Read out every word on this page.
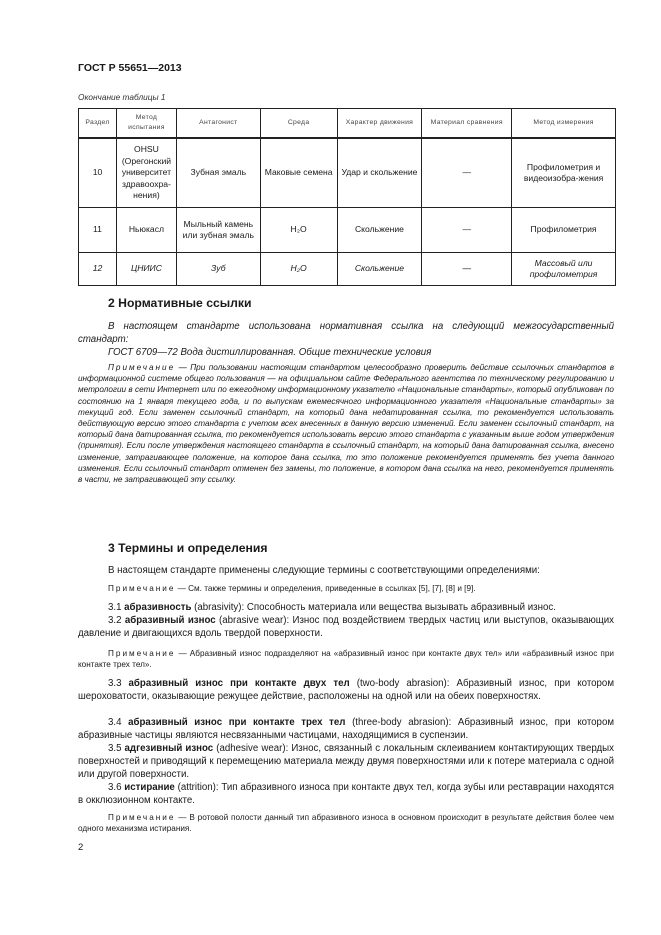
ГОСТ Р 55651—2013
Окончание таблицы 1
Раздел	Метод испытания	Антагонист	Среда	Характер движения	Материал сравнения	Метод измерения
10	OHSU (Орегонский университет здравоохра-нения)	Зубная эмаль	Маковые семена	Удар и скольжение	—	Профилометрия и видеоизобра-жения
11	Ньюкасл	Мыльный камень или зубная эмаль	H₂O	Скольжение	—	Профилометрия
12	ЦНИИС	Зуб	H₂O	Скольжение	—	Массовый или профилометрия
2 Нормативные ссылки
В настоящем стандарте использована нормативная ссылка на следующий межгосударственный стандарт:
ГОСТ 6709—72 Вода дистиллированная. Общие технические условия
Примечание — При пользовании настоящим стандартом целесообразно проверить действие ссылочных стандартов в информационной системе общего пользования — на официальном сайте Федерального агентства по техническому регулированию и метрологии в сети Интернет или по ежегодному информационному указателю «Национальные стандарты», который опубликован по состоянию на 1 января текущего года, и по выпускам ежемесячного информационного указателя «Национальные стандарты» за текущий год. Если заменен ссылочный стандарт, на который дана недатированная ссылка, то рекомендуется использовать действующую версию этого стандарта с учетом всех внесенных в данную версию изменений. Если заменен ссылочный стандарт, на который дана датированная ссылка, то рекомендуется использовать версию этого стандарта с указанным выше годом утверждения (принятия). Если после утверждения настоящего стандарта в ссылочный стандарт, на который дана датированная ссылка, внесено изменение, затрагивающее положение, на которое дана ссылка, то это положение рекомендуется применять без учета данного изменения. Если ссылочный стандарт отменен без замены, то положение, в котором дана ссылка на него, рекомендуется применять в части, не затрагивающей эту ссылку.
3 Термины и определения
В настоящем стандарте применены следующие термины с соответствующими определениями:
Примечание — См. также термины и определения, приведенные в ссылках [5], [7], [8] и [9].
3.1 абразивность (abrasivity): Способность материала или вещества вызывать абразивный износ.
3.2 абразивный износ (abrasive wear): Износ под воздействием твердых частиц или выступов, оказывающих давление и двигающихся вдоль твердой поверхности.
Примечание — Абразивный износ подразделяют на «абразивный износ при контакте двух тел» или «абразивный износ при контакте трех тел».
3.3 абразивный износ при контакте двух тел (two-body abrasion): Абразивный износ, при котором шероховатости, оказывающие режущее действие, расположены на одной или на обеих поверхностях.
3.4 абразивный износ при контакте трех тел (three-body abrasion): Абразивный износ, при котором абразивные частицы являются несвязанными частицами, находящимися в суспензии.
3.5 адгезивный износ (adhesive wear): Износ, связанный с локальным склеиванием контактирующих твердых поверхностей и приводящий к перемещению материала между двумя поверхностями или к потере материала с одной или другой поверхности.
3.6 истирание (attrition): Тип абразивного износа при контакте двух тел, когда зубы или реставрации находятся в окклюзионном контакте.
Примечание — В ротовой полости данный тип абразивного износа в основном происходит в результате действия более чем одного механизма истирания.
2
